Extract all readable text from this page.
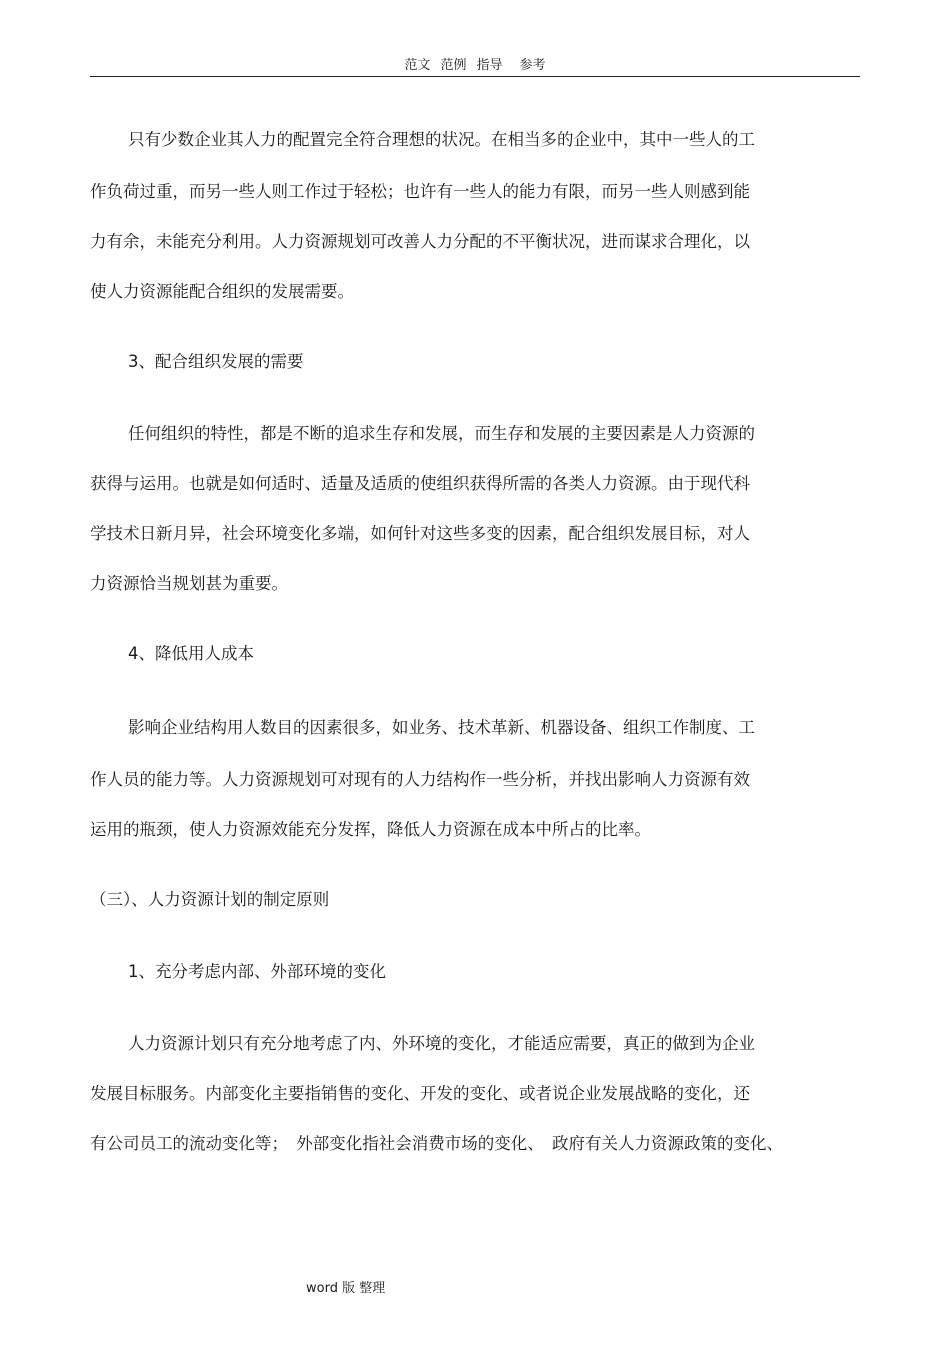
范文 范例 指导 参考
只有少数企业其人力的配置完全符合理想的状况。在相当多的企业中，其中一些人的工
作负荷过重，而另一些人则工作过于轻松；也许有一些人的能力有限，而另一些人则感到能
力有余，未能充分利用。人力资源规划可改善人力分配的不平衡状况，进而谋求合理化，以
使人力资源能配合组织的发展需要。
3、配合组织发展的需要
任何组织的特性，都是不断的追求生存和发展，而生存和发展的主要因素是人力资源的
获得与运用。也就是如何适时、适量及适质的使组织获得所需的各类人力资源。由于现代科
学技术日新月异，社会环境变化多端，如何针对这些多变的因素，配合组织发展目标，对人
力资源恰当规划甚为重要。
4、降低用人成本
影响企业结构用人数目的因素很多，如业务、技术革新、机器设备、组织工作制度、工
作人员的能力等。人力资源规划可对现有的人力结构作一些分析，并找出影响人力资源有效
运用的瓶颈，使人力资源效能充分发挥，降低人力资源在成本中所占的比率。
（三）、人力资源计划的制定原则
1、充分考虑内部、外部环境的变化
人力资源计划只有充分地考虑了内、外环境的变化，才能适应需要，真正的做到为企业
发展目标服务。内部变化主要指销售的变化、开发的变化、或者说企业发展战略的变化，还
有公司员工的流动变化等；　外部变化指社会消费市场的变化、　政府有关人力资源政策的变化、
word 版 整理
